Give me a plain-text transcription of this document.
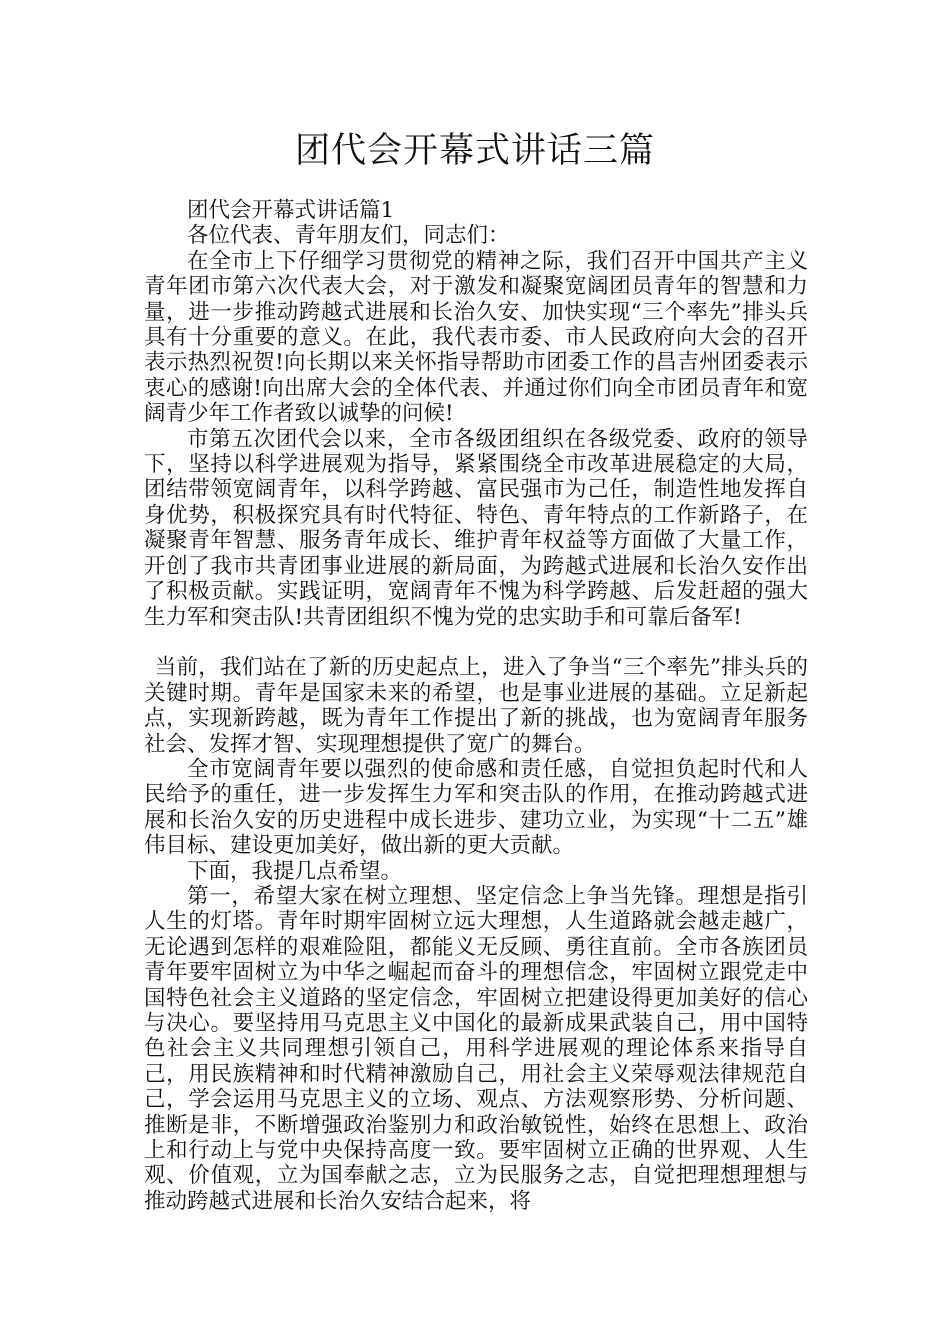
团代会开幕式讲话三篇

团代会开幕式讲话篇1

各位代表、青年朋友们，同志们：

在全市上下仔细学习贯彻党的精神之际，我们召开中国共产主义青年团市第六次代表大会，对于激发和凝聚宽阔团员青年的智慧和力量，进一步推动跨越式进展和长治久安、加快实现“三个率先”排头兵具有十分重要的意义。在此，我代表市委、市人民政府向大会的召开表示热烈祝贺!向长期以来关怀指导帮助市团委工作的昌吉州团委表示衷心的感谢!向出席大会的全体代表、并通过你们向全市团员青年和宽阔青少年工作者致以诚挚的问候!

市第五次团代会以来，全市各级团组织在各级党委、政府的领导下，坚持以科学进展观为指导，紧紧围绕全市改革进展稳定的大局，团结带领宽阔青年，以科学跨越、富民强市为己任，制造性地发挥自身优势，积极探究具有时代特征、特色、青年特点的工作新路子，在凝聚青年智慧、服务青年成长、维护青年权益等方面做了大量工作，开创了我市共青团事业进展的新局面，为跨越式进展和长治久安作出了积极贡献。实践证明，宽阔青年不愧为科学跨越、后发赶超的强大生力军和突击队!共青团组织不愧为党的忠实助手和可靠后备军!

当前，我们站在了新的历史起点上，进入了争当“三个率先”排头兵的关键时期。青年是国家未来的希望，也是事业进展的基础。立足新起点，实现新跨越，既为青年工作提出了新的挑战，也为宽阔青年服务社会、发挥才智、实现理想提供了宽广的舞台。

全市宽阔青年要以强烈的使命感和责任感，自觉担负起时代和人民给予的重任，进一步发挥生力军和突击队的作用，在推动跨越式进展和长治久安的历史进程中成长进步、建功立业，为实现“十二五”雄伟目标、建设更加美好，做出新的更大贡献。

下面，我提几点希望。

第一，希望大家在树立理想、坚定信念上争当先锋。理想是指引人生的灯塔。青年时期牢固树立远大理想，人生道路就会越走越广，无论遇到怎样的艰难险阻，都能义无反顾、勇往直前。全市各族团员青年要牢固树立为中华之崛起而奋斗的理想信念，牢固树立跟党走中国特色社会主义道路的坚定信念，牢固树立把建设得更加美好的信心与决心。要坚持用马克思主义中国化的最新成果武装自己，用中国特色社会主义共同理想引领自己，用科学进展观的理论体系来指导自己，用民族精神和时代精神激励自己，用社会主义荣辱观法律规范自己，学会运用马克思主义的立场、观点、方法观察形势、分析问题、推断是非，不断增强政治鉴别力和政治敏锐性，始终在思想上、政治上和行动上与党中央保持高度一致。要牢固树立正确的世界观、人生观、价值观，立为国奉献之志，立为民服务之志，自觉把理想理想与推动跨越式进展和长治久安结合起来，将
